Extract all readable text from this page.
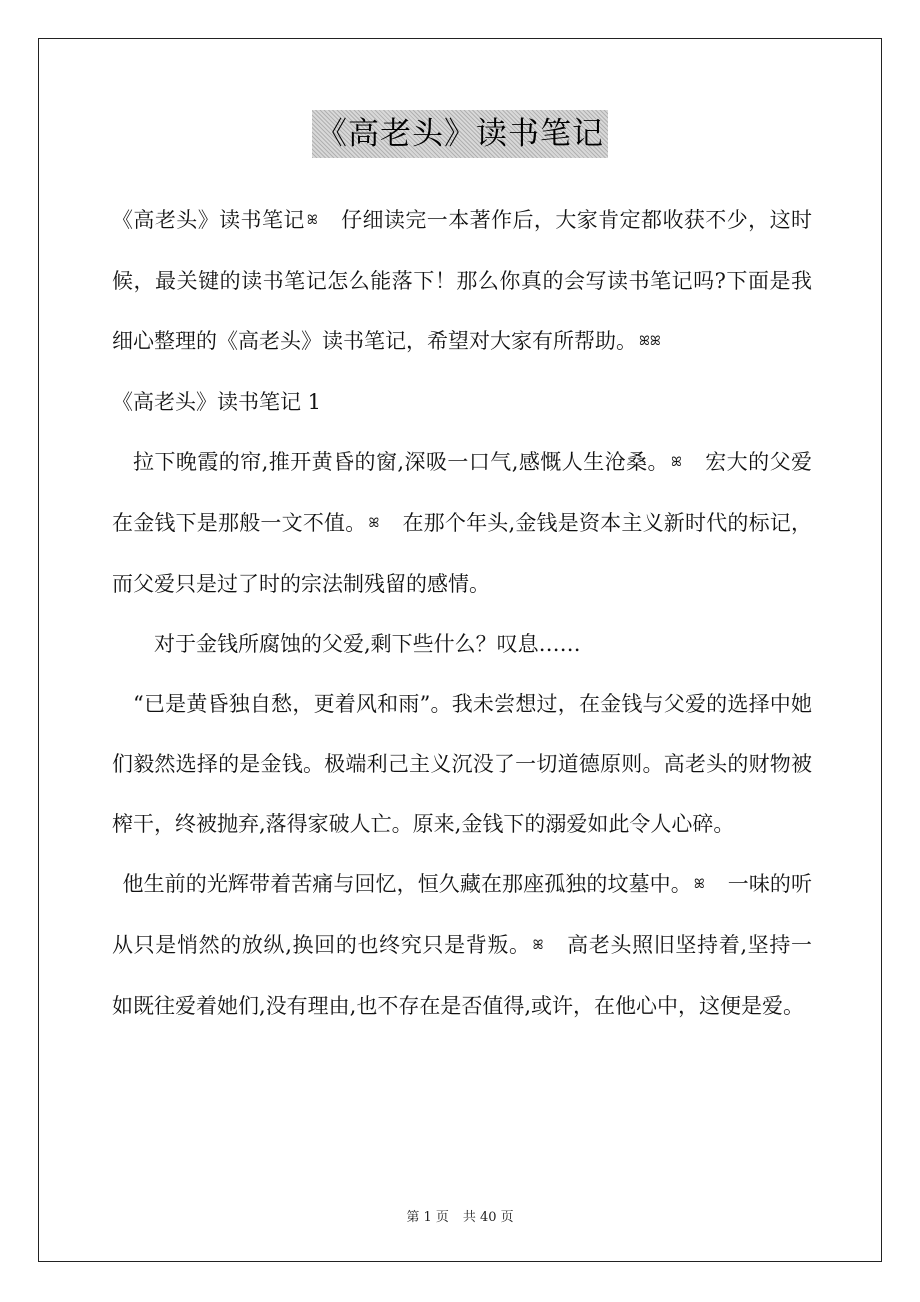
《高老头》读书笔记

《高老头》读书笔记 ꕤ  仔细读完一本著作后，大家肯定都收获不少，这时候，最关键的读书笔记怎么能落下！那么你真的会写读书笔记吗?下面是我细心整理的《高老头》读书笔记，希望对大家有所帮助。 ꕤꕤ

《高老头》读书笔记 1

拉下晚霞的帘,推开黄昏的窗,深吸一口气,感慨人生沧桑。 ꕤ  宏大的父爱在金钱下是那般一文不值。 ꕤ  在那个年头,金钱是资本主义新时代的标记，而父爱只是过了时的宗法制残留的感情。

对于金钱所腐蚀的父爱,剩下些什么？叹息……

“已是黄昏独自愁，更着风和雨”。我未尝想过，在金钱与父爱的选择中她们毅然选择的是金钱。极端利己主义沉没了一切道德原则。高老头的财物被榨干，终被抛弃,落得家破人亡。原来,金钱下的溺爱如此令人心碎。

他生前的光辉带着苦痛与回忆，恒久藏在那座孤独的坟墓中。 ꕤ  一味的听从只是悄然的放纵,换回的也终究只是背叛。 ꕤ  高老头照旧坚持着,坚持一如既往爱着她们,没有理由,也不存在是否值得,或许，在他心中，这便是爱。

第 1 页 共 40 页
